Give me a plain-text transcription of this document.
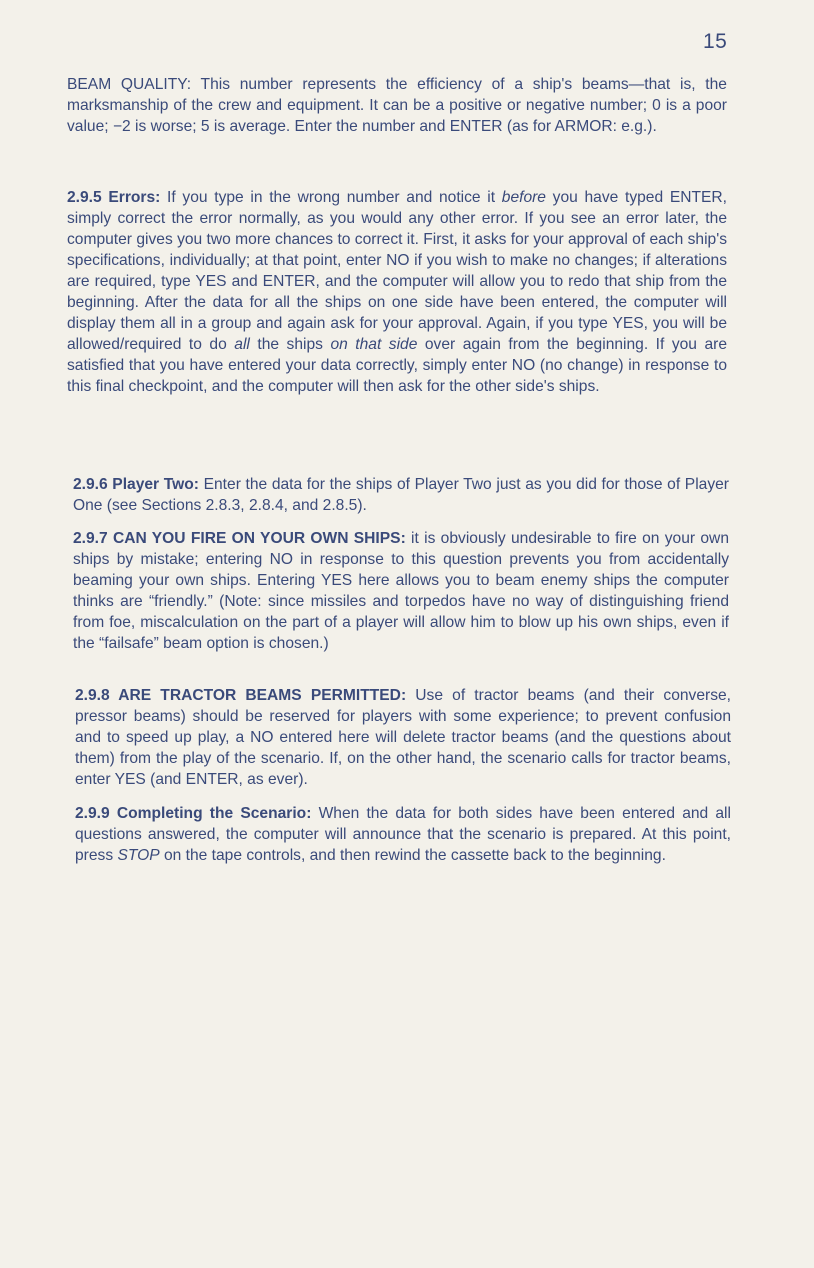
15

BEAM QUALITY: This number represents the efficiency of a ship's beams—that is, the marksmanship of the crew and equipment. It can be a positive or negative number; 0 is a poor value; −2 is worse; 5 is average. Enter the number and ENTER (as for ARMOR: e.g.).

2.9.5 Errors: If you type in the wrong number and notice it before you have typed ENTER, simply correct the error normally, as you would any other error. If you see an error later, the computer gives you two more chances to correct it. First, it asks for your approval of each ship's specifications, individually; at that point, enter NO if you wish to make no changes; if alterations are required, type YES and ENTER, and the computer will allow you to redo that ship from the beginning. After the data for all the ships on one side have been entered, the computer will display them all in a group and again ask for your approval. Again, if you type YES, you will be allowed/required to do all the ships on that side over again from the beginning. If you are satisfied that you have entered your data correctly, simply enter NO (no change) in response to this final checkpoint, and the computer will then ask for the other side's ships.

2.9.6 Player Two: Enter the data for the ships of Player Two just as you did for those of Player One (see Sections 2.8.3, 2.8.4, and 2.8.5).

2.9.7 CAN YOU FIRE ON YOUR OWN SHIPS: it is obviously undesirable to fire on your own ships by mistake; entering NO in response to this question prevents you from accidentally beaming your own ships. Entering YES here allows you to beam enemy ships the computer thinks are “friendly.” (Note: since missiles and torpedos have no way of distinguishing friend from foe, miscalculation on the part of a player will allow him to blow up his own ships, even if the “failsafe” beam option is chosen.)

2.9.8 ARE TRACTOR BEAMS PERMITTED: Use of tractor beams (and their converse, pressor beams) should be reserved for players with some experience; to prevent confusion and to speed up play, a NO entered here will delete tractor beams (and the questions about them) from the play of the scenario. If, on the other hand, the scenario calls for tractor beams, enter YES (and ENTER, as ever).

2.9.9 Completing the Scenario: When the data for both sides have been entered and all questions answered, the computer will announce that the scenario is prepared. At this point, press STOP on the tape controls, and then rewind the cassette back to the beginning.
